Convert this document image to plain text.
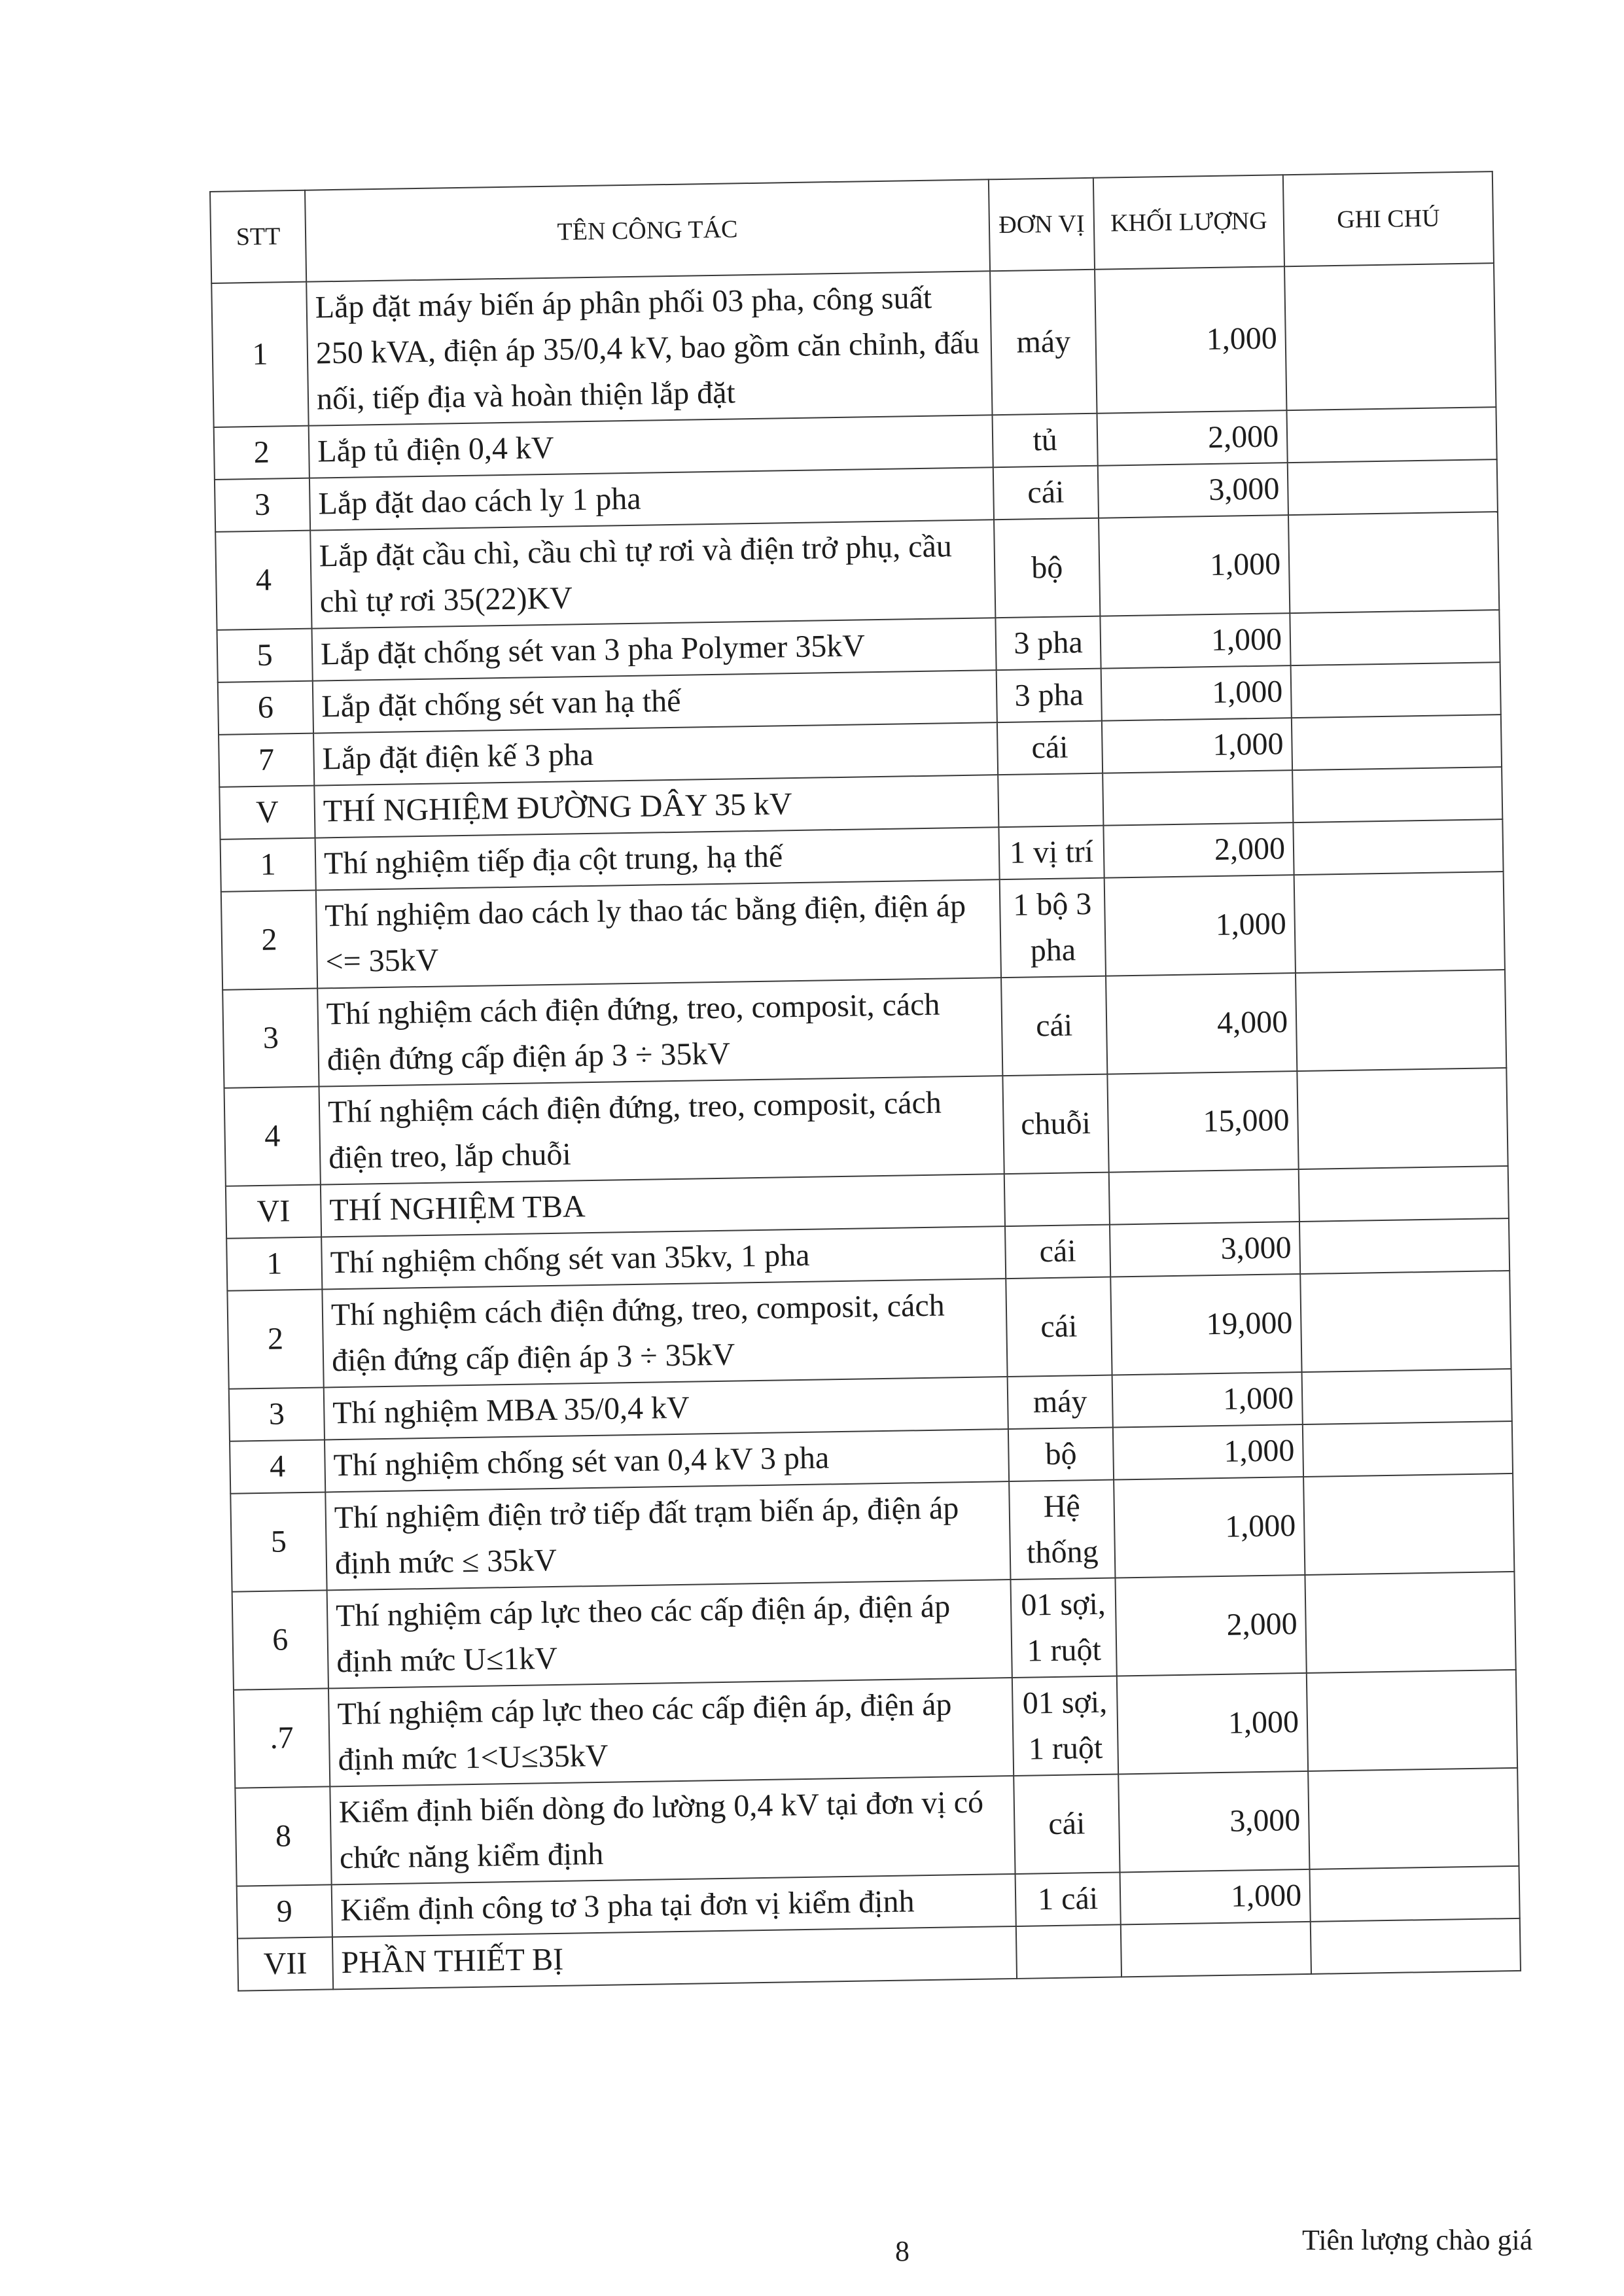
STT	TÊN CÔNG TÁC	ĐƠN VỊ	KHỐI LƯỢNG	GHI CHÚ
1	Lắp đặt máy biến áp phân phối 03 pha, công suất 250 kVA, điện áp 35/0,4 kV, bao gồm căn chỉnh, đấu nối, tiếp địa và hoàn thiện lắp đặt	máy	1,000	
2	Lắp tủ điện 0,4 kV	tủ	2,000	
3	Lắp đặt dao cách ly 1 pha	cái	3,000	
4	Lắp đặt cầu chì, cầu chì tự rơi và điện trở phụ, cầu chì tự rơi 35(22)KV	bộ	1,000	
5	Lắp đặt chống sét van 3 pha Polymer 35kV	3 pha	1,000	
6	Lắp đặt chống sét van hạ thế	3 pha	1,000	
7	Lắp đặt điện kế 3 pha	cái	1,000	
V	THÍ NGHIỆM ĐƯỜNG DÂY 35 kV			
1	Thí nghiệm tiếp địa cột trung, hạ thế	1 vị trí	2,000	
2	Thí nghiệm dao cách ly thao tác bằng điện, điện áp <= 35kV	1 bộ 3 pha	1,000	
3	Thí nghiệm cách điện đứng, treo, composit, cách điện đứng cấp điện áp 3 ÷ 35kV	cái	4,000	
4	Thí nghiệm cách điện đứng, treo, composit, cách điện treo, lắp chuỗi	chuỗi	15,000	
VI	THÍ NGHIỆM TBA			
1	Thí nghiệm chống sét van 35kv, 1 pha	cái	3,000	
2	Thí nghiệm cách điện đứng, treo, composit, cách điện đứng cấp điện áp 3 ÷ 35kV	cái	19,000	
3	Thí nghiệm MBA 35/0,4 kV	máy	1,000	
4	Thí nghiệm chống sét van 0,4 kV 3 pha	bộ	1,000	
5	Thí nghiệm điện trở tiếp đất trạm biến áp, điện áp định mức ≤ 35kV	Hệ thống	1,000	
6	Thí nghiệm cáp lực theo các cấp điện áp, điện áp định mức U≤1kV	01 sợi, 1 ruột	2,000	
.7	Thí nghiệm cáp lực theo các cấp điện áp, điện áp định mức 1<U≤35kV	01 sợi, 1 ruột	1,000	
8	Kiểm định biến dòng đo lường 0,4 kV tại đơn vị có chức năng kiểm định	cái	3,000	
9	Kiểm định công tơ 3 pha tại đơn vị kiểm định	1 cái	1,000	
VII	PHẦN THIẾT BỊ			
8	Tiên lượng chào giá
